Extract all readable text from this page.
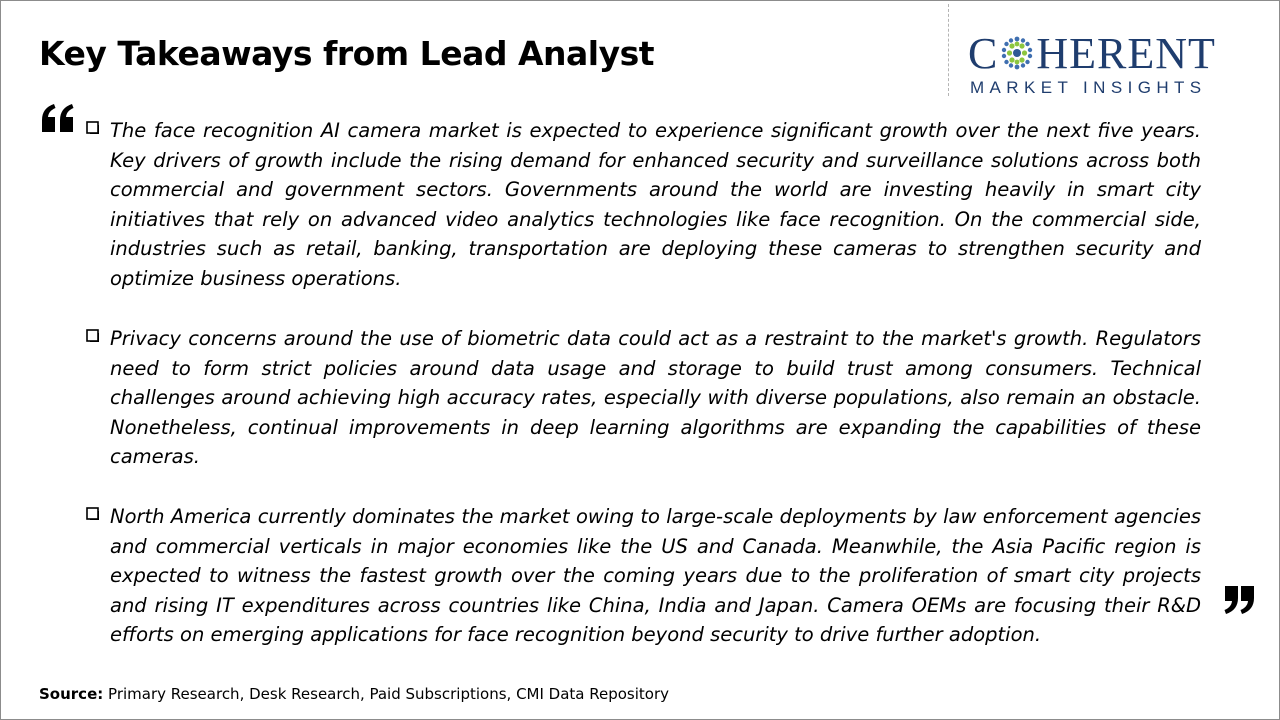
Key Takeaways from Lead Analyst	C HERENT
MARKET INSIGHTS

The face recognition AI camera market is expected to experience significant growth over the next five years. Key drivers of growth include the rising demand for enhanced security and surveillance solutions across both commercial and government sectors. Governments around the world are investing heavily in smart city initiatives that rely on advanced video analytics technologies like face recognition. On the commercial side, industries such as retail, banking, transportation are deploying these cameras to strengthen security and optimize business operations.

Privacy concerns around the use of biometric data could act as a restraint to the market's growth. Regulators need to form strict policies around data usage and storage to build trust among consumers. Technical challenges around achieving high accuracy rates, especially with diverse populations, also remain an obstacle. Nonetheless, continual improvements in deep learning algorithms are expanding the capabilities of these cameras.

North America currently dominates the market owing to large-scale deployments by law enforcement agencies and commercial verticals in major economies like the US and Canada. Meanwhile, the Asia Pacific region is expected to witness the fastest growth over the coming years due to the proliferation of smart city projects and rising IT expenditures across countries like China, India and Japan. Camera OEMs are focusing their R&D efforts on emerging applications for face recognition beyond security to drive further adoption.

Source: Primary Research, Desk Research, Paid Subscriptions, CMI Data Repository
